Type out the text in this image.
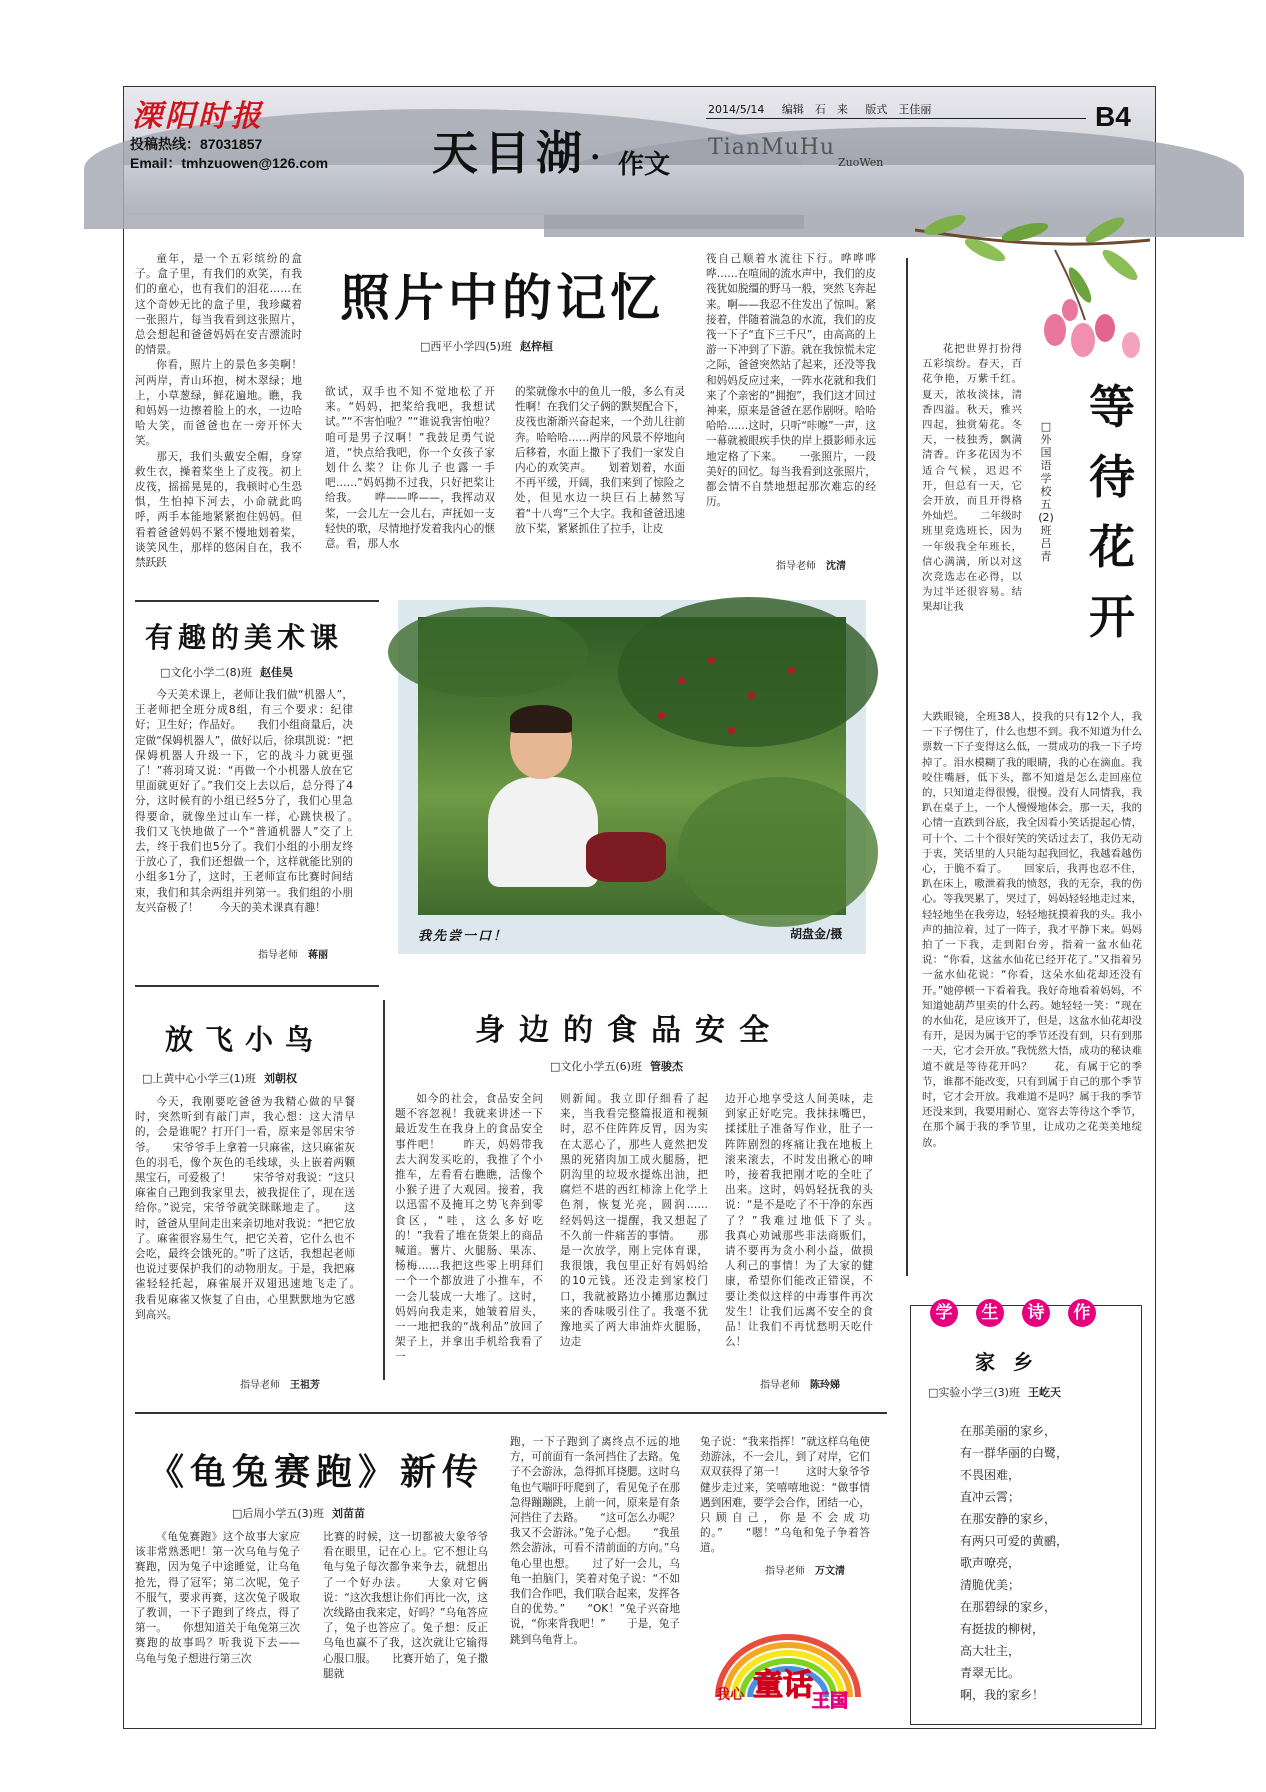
溧阳时报
投稿热线：87031857
Email：tmhzuowen@126.com 天目湖 · 作文
TianMuHu
ZuoWen
2014/5/14 编辑　石　来 版式　王佳丽	B4
照片中的记忆
□西平小学四(5)班 赵梓桓

童年，是一个五彩缤纷的盒子。盒子里，有我们的欢笑，有我们的童心，也有我们的泪花……在这个奇妙无比的盒子里，我珍藏着一张照片，每当我看到这张照片，总会想起和爸爸妈妈在安吉漂流时的情景。

你看，照片上的景色多美啊！河两岸，青山环抱，树木翠绿；地上，小草葱绿，鲜花遍地。瞧，我和妈妈一边擦着脸上的水，一边哈哈大笑，而爸爸也在一旁开怀大笑。

那天，我们头戴安全帽，身穿救生衣，操着桨坐上了皮筏。初上皮筏，摇摇晃晃的，我顿时心生恐惧，生怕掉下河去，小命就此呜呼，两手本能地紧紧抱住妈妈。但看着爸爸妈妈不紧不慢地划着桨，谈笑风生，那样的悠闲自在，我不禁跃跃

欲试，双手也不知不觉地松了开来。“妈妈，把桨给我吧，我想试试。”“不害怕啦？”“谁说我害怕啦？咱可是男子汉啊！”我鼓足勇气说道，“快点给我吧，你一个女孩子家划什么桨？让你儿子也露一手吧……”妈妈拗不过我，只好把桨让给我。　　哗——哗——，我挥动双桨，一会儿左一会儿右，声抚如一支轻快的歌，尽情地抒发着我内心的惬意。看，那人水

的桨就像水中的鱼儿一般，多么有灵性啊！在我们父子俩的默契配合下，皮筏也渐渐兴奋起来，一个劲儿往前奔。哈哈哈……两岸的风景不停地向后移着，水面上撒下了我们一家发自内心的欢笑声。　　划着划着，水面不再平缓，开阔，我们来到了惊险之处，但见水边一块巨石上赫然写着“十八弯”三个大字。我和爸爸迅速放下桨，紧紧抓住了拉手，让皮

筏自己顺着水流往下行。哗哗哗哗……在喧闹的流水声中，我们的皮筏犹如脱缰的野马一般，突然飞奔起来。啊——我忍不住发出了惊叫。紧接着，伴随着湍急的水流，我们的皮筏一下子“直下三千尺”，由高高的上游一下冲到了下游。就在我惊慌未定之际，爸爸突然站了起来，还没等我和妈妈反应过来，一阵水花就和我们来了个亲密的“拥抱”，我们这才回过神来，原来是爸爸在恶作剧呀。哈哈哈哈……这时，只听“咔嚓”一声，这一幕就被眼疾手快的岸上摄影师永远地定格了下来。　　一张照片，一段美好的回忆。每当我看到这张照片，都会情不自禁地想起那次难忘的经历。

指导老师 沈清
等待花开
□外国语学校五(2)班　吕青

花把世界打扮得五彩缤纷。春天，百花争艳，万紫千红。夏天，浓妆淡抹，清香四溢。秋天，雅兴四起，独赏菊花。冬天，一枝独秀，飘满清香。许多花因为不适合气候，迟迟不开，但总有一天，它会开放，而且开得格外灿烂。　　二年级时班里竞选班长，因为一年级我全年班长，信心满满，所以对这次竞选志在必得，以为过半还很容易。结果却让我

大跌眼镜，全班38人，投我的只有12个人，我一下子愣住了，什么也想不到。我不知道为什么票数一下子变得这么低，一贯成功的我一下子垮掉了。泪水模糊了我的眼睛，我的心在滴血。我咬住嘴唇，低下头，都不知道是怎么走回座位的，只知道走得很慢，很慢。没有人同情我，我趴在桌子上，一个人慢慢地体会。那一天，我的心情一直跌到谷底，我全因看小笑话提起心情，可十个、二十个很好笑的笑话过去了，我仍无动于衷，笑话里的人只能勾起我回忆，我越看越伤心，于脆不看了。　　回家后，我再也忍不住，趴在床上，嗷泄着我的愤怒，我的无奈，我的伤心。等我哭累了，哭过了，妈妈轻轻地走过来，轻轻地坐在我旁边，轻轻地抚摸着我的头。我小声的抽泣着，过了一阵子，我才平静下来。妈妈拍了一下我，走到阳台旁，指着一盆水仙花说：“你看，这盆水仙花已经开花了。”又指着另一盆水仙花说：“你看，这朵水仙花却还没有开。”她停顿一下看着我。我好奇地看着妈妈，不知道她葫芦里卖的什么药。她轻轻一笑：“现在的水仙花，是应该开了，但是，这盆水仙花却没有开，是因为属于它的季节还没有到，只有到那一天，它才会开放。”我恍然大悟，成功的秘诀难道不就是等待花开吗？　　花，有属于它的季节，谁都不能改变，只有到属于自己的那个季节时，它才会开放。我难道不是吗？属于我的季节还没来到，我要用耐心、宽容去等待这个季节，在那个属于我的季节里，让成功之花美美地绽放。

有趣的美术课
□文化小学二(8)班 赵佳昊

今天美术课上，老师让我们做“机器人”，王老师把全班分成8组，有三个要求：纪律好；卫生好；作品好。　　我们小组商量后，决定做“保姆机器人”，做好以后，徐琪凯说：“把保姆机器人升级一下，它的战斗力就更强了！”蒋羽琦又说：“再做一个小机器人放在它里面就更好了。”我们交上去以后，总分得了4分，这时候有的小组已经5分了，我们心里急得要命，就像坐过山车一样，心跳快极了。　　我们又飞快地做了一个“普通机器人”交了上去，终于我们也5分了。我们小组的小朋友终于放心了，我们还想做一个，这样就能比别的小组多1分了，这时，王老师宣布比赛时间结束，我们和其余两组并列第一。我们组的小朋友兴奋极了！　　今天的美术课真有趣！

指导老师 蒋丽
我先尝一口！	胡盘金/摄
放飞小鸟
□上黄中心小学三(1)班 刘朝权

今天，我刚要吃爸爸为我精心做的早餐时，突然听到有敲门声，我心想：这大清早的，会是谁呢？打开门一看，原来是邻居宋爷爷。　　宋爷爷手上拿着一只麻雀，这只麻雀灰色的羽毛，像个灰色的毛线球，头上嵌着两颗黑宝石，可爱极了！　　宋爷爷对我说：“这只麻雀自己跑到我家里去，被我捉住了，现在送给你。”说完，宋爷爷就笑眯眯地走了。　　这时，爸爸从里间走出来亲切地对我说：“把它放了。麻雀很容易生气，把它关着，它什么也不会吃，最终会饿死的。”听了这话，我想起老师也说过要保护我们的动物朋友。于是，我把麻雀轻轻托起，麻雀展开双翅迅速地飞走了。　　我看见麻雀又恢复了自由，心里默默地为它感到高兴。

指导老师 王祖芳
身边的食品安全
□文化小学五(6)班 管骏杰

如今的社会，食品安全问题不容忽视！我就来讲述一下最近发生在我身上的食品安全事件吧！　　昨天，妈妈带我去大润发买吃的，我推了个小推车，左看看右瞧瞧，活像个小猴子进了大观园。接着，我以迅雷不及掩耳之势飞奔到零食区，“哇，这么多好吃的！”我看了堆在货架上的商品喊道。薯片、火腿肠、果冻、杨梅……我把这些零上明拜们一个一个都放进了小推车，不一会儿装成一大堆了。这时，妈妈向我走来，她皱着眉头，一一地把我的“战利品”放回了架子上，并拿出手机给我看了一

则新闻。我立即仔细看了起来，当我看完整篇报道和视频时，忍不住阵阵反胃，因为实在太恶心了，那些人竟然把发黑的死猪肉加工成火腿肠，把阴沟里的垃圾水提炼出油，把腐烂不堪的西红柿涂上化学上色剂，恢复光亮，圆润……　　经妈妈这一提醒，我又想起了不久前一件痛苦的事情。　　那是一次放学，刚上完体育课，我很饿，我包里正好有妈妈给的10元钱。还没走到家校门口，我就被路边小摊那边飘过来的香味吸引住了。我毫不犹豫地买了两大串油炸火腿肠，边走

边开心地享受这人间美味，走到家正好吃完。我抹抹嘴巴，揉揉肚子准备写作业，肚子一阵阵剧烈的疼痛让我在地板上滚来滚去，不时发出揪心的呻吟，接着我把刚才吃的全吐了出来。这时，妈妈轻抚我的头说：“是不是吃了不干净的东西了？”我难过地低下了头。　　我真心劝诫那些非法商贩们，请不要再为贪小利小益，做损人利己的事情！为了大家的健康，希望你们能改正错误，不要让类似这样的中毒事件再次发生！让我们远离不安全的食品！让我们不再忧愁明天吃什么！

指导老师 陈玲娣
《龟兔赛跑》新传
□后周小学五(3)班 刘苗苗

《龟兔赛跑》这个故事大家应该非常熟悉吧！第一次乌龟与兔子赛跑，因为兔子中途睡觉，让乌龟抢先，得了冠军；第二次呢，兔子不服气，要求再赛，这次兔子吸取了教训，一下子跑到了终点，得了第一。　　你想知道关于龟兔第三次赛跑的故事吗？听我说下去——　　乌龟与兔子想进行第三次

比赛的时候，这一切都被大象爷爷看在眼里，记在心上。它不想让乌龟与兔子每次都争来争去，就想出了一个好办法。　　大象对它俩说：“这次我想让你们再比一次，这次线路由我来定，好吗？”乌龟答应了，兔子也答应了。兔子想：反正乌龟也赢不了我，这次就让它输得心服口服。　　比赛开始了，兔子撒腿就

跑，一下子跑到了离终点不远的地方，可前面有一条河挡住了去路。兔子不会游泳，急得抓耳挠腮。这时乌龟也气喘吁吁爬到了，看见兔子在那急得蹦蹦跳，上前一问，原来是有条河挡住了去路。　　“这可怎么办呢？我又不会游泳。”兔子心想。　　“我虽然会游泳，可看不清前面的方向。”乌龟心里也想。　　过了好一会儿，乌龟一拍脑门，笑着对兔子说：“不如我们合作吧，我们联合起来，发挥各自的优势。”　　“OK！”兔子兴奋地说，“你来背我吧！”　　于是，兔子跳到乌龟背上。

兔子说：“我来指挥！”就这样乌龟使劲游泳，不一会儿，到了对岸，它们双双获得了第一！　　这时大象爷爷健步走过来，笑嘻嘻地说：“做事情遇到困难，要学会合作，团结一心，只顾自己，你是不会成功的。”　　“嗯！”乌龟和兔子争着答道。

指导老师 万文清
我心 童话 王国
学 生 诗 作
家乡
□实验小学三(3)班 王屹天
在那美丽的家乡，
有一群华丽的白鹭，
不畏困难，
直冲云霄；
在那安静的家乡，
有两只可爱的黄鹂，
歌声嘹亮，
清脆优美；
在那碧绿的家乡，
有挺拔的柳树，
高大壮主，
青翠无比。
啊，我的家乡！
